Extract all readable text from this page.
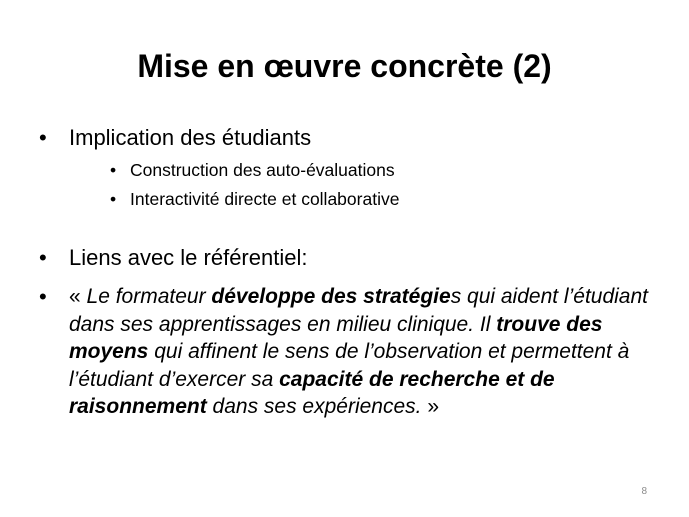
Mise en œuvre concrète (2)
•	Implication des étudiants
• Construction des auto-évaluations
• Interactivité directe et collaborative
•	Liens avec le référentiel:
•	« Le formateur développe des stratégies qui aident l’étudiant dans ses apprentissages en milieu clinique. Il trouve des moyens qui affinent le sens de l’observation et permettent à l’étudiant d’exercer sa capacité de recherche et de raisonnement dans ses expériences. »
8
